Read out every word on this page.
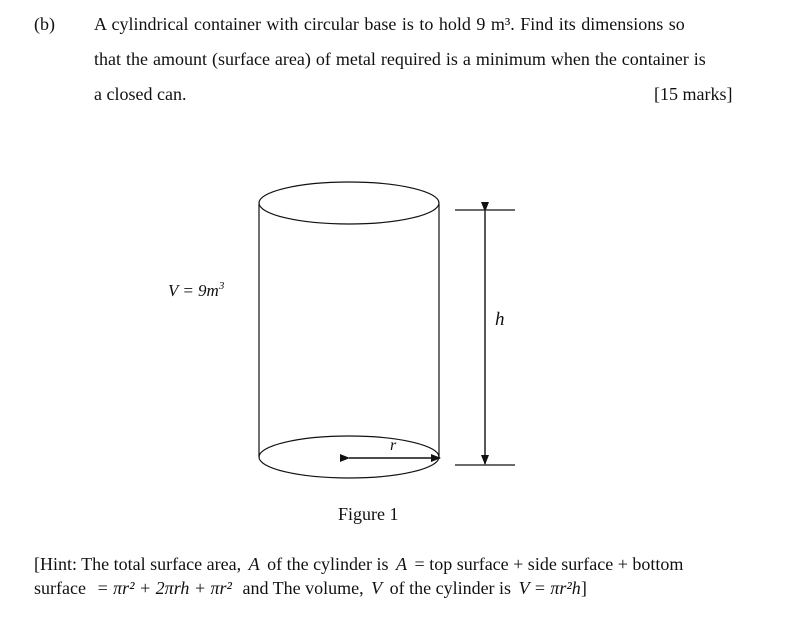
(b) A cylindrical container with circular base is to hold 9 m³. Find its dimensions so
that the amount (surface area) of metal required is a minimum when the container is
a closed can.	[15 marks]
$V = 9m^3$
h
r
Figure 1
[Hint: The total surface area, A of the cylinder is A = top surface + side surface + bottom
surface = πr² + 2πrh + πr² and The volume, V of the cylinder is V = πr²h]
